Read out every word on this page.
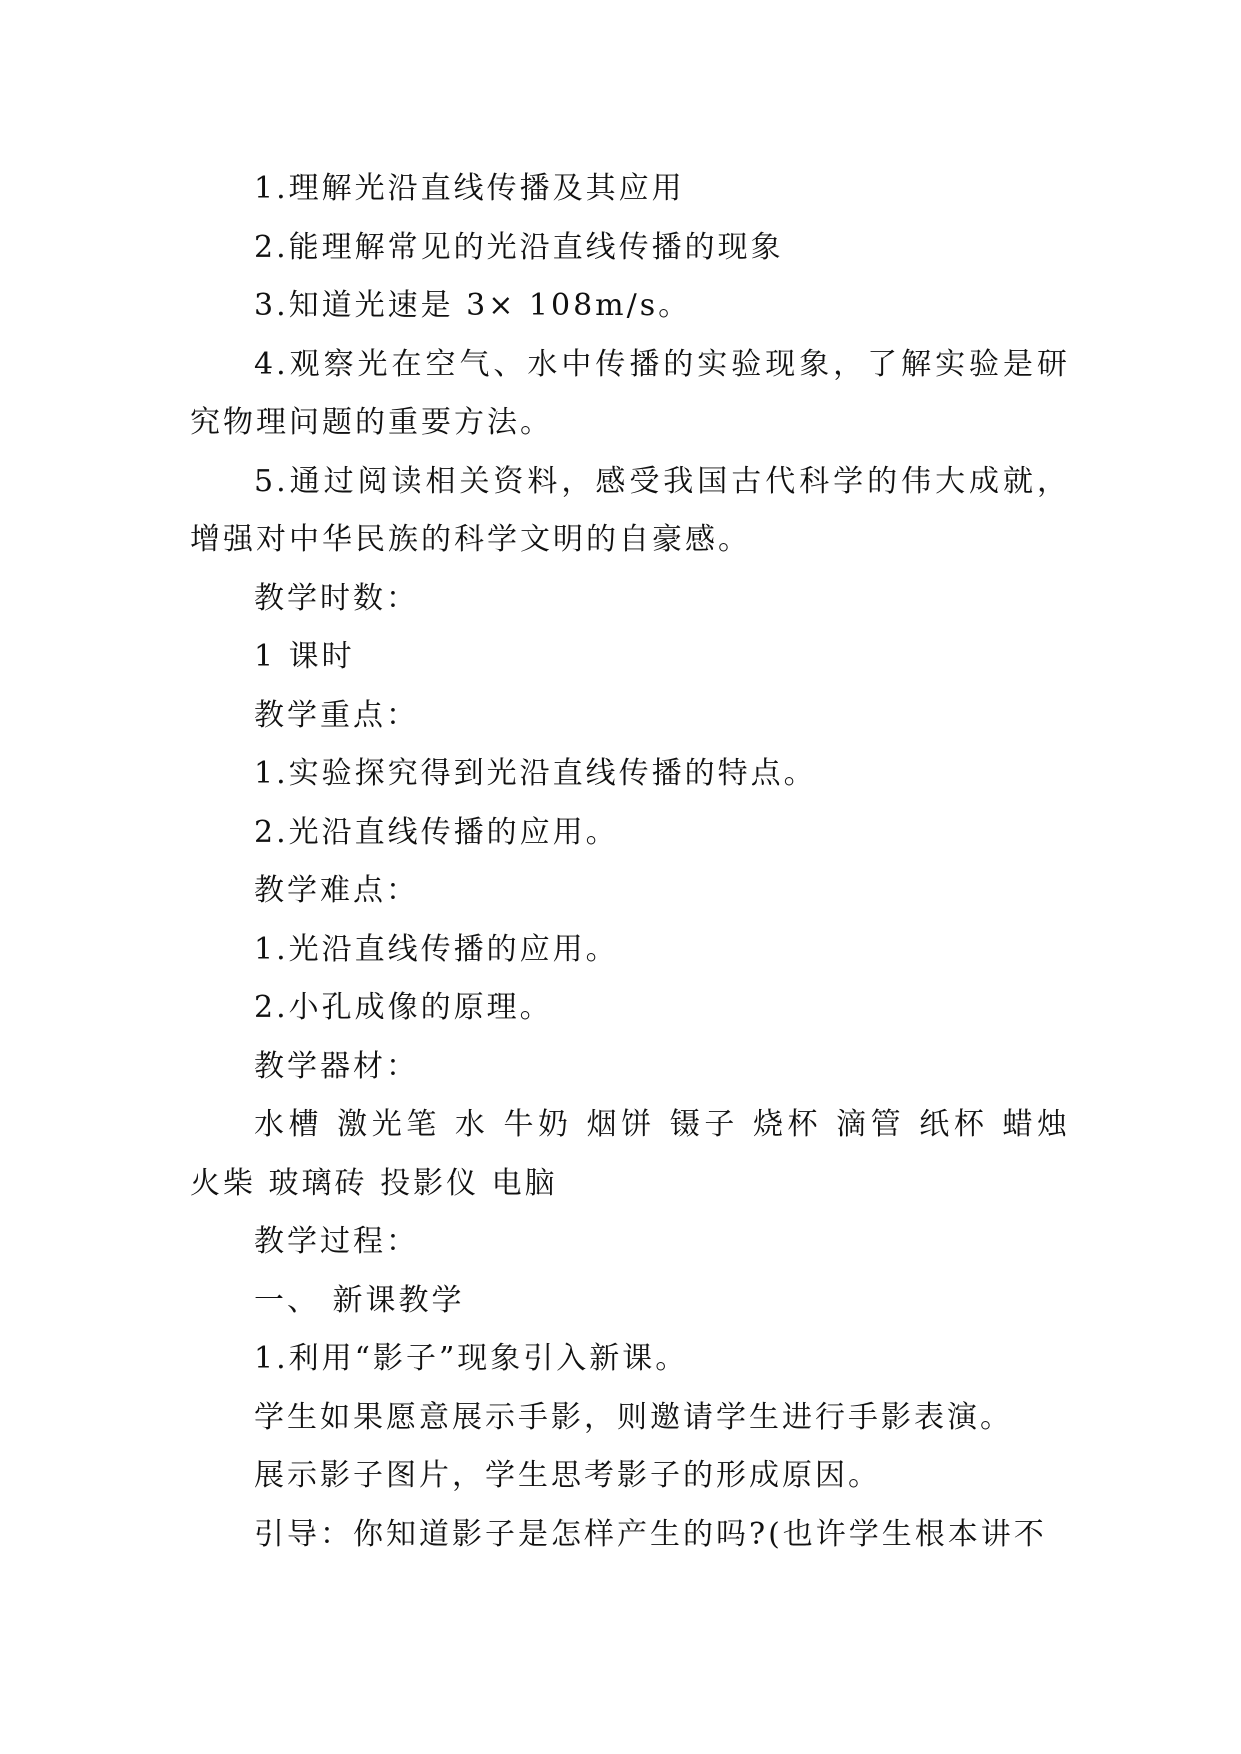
1.理解光沿直线传播及其应用

2.能理解常见的光沿直线传播的现象

3.知道光速是 3× 108m/s。

4.观察光在空气、水中传播的实验现象，了解实验是研究物理问题的重要方法。

5.通过阅读相关资料，感受我国古代科学的伟大成就，增强对中华民族的科学文明的自豪感。

教学时数：

1 课时

教学重点：

1.实验探究得到光沿直线传播的特点。

2.光沿直线传播的应用。

教学难点：

1.光沿直线传播的应用。

2.小孔成像的原理。

教学器材：

水槽 激光笔 水 牛奶 烟饼 镊子 烧杯 滴管 纸杯 蜡烛 火柴 玻璃砖 投影仪 电脑

教学过程：

一、 新课教学

1.利用“影子”现象引入新课。

学生如果愿意展示手影，则邀请学生进行手影表演。

展示影子图片，学生思考影子的形成原因。

引导：你知道影子是怎样产生的吗?(也许学生根本讲不
